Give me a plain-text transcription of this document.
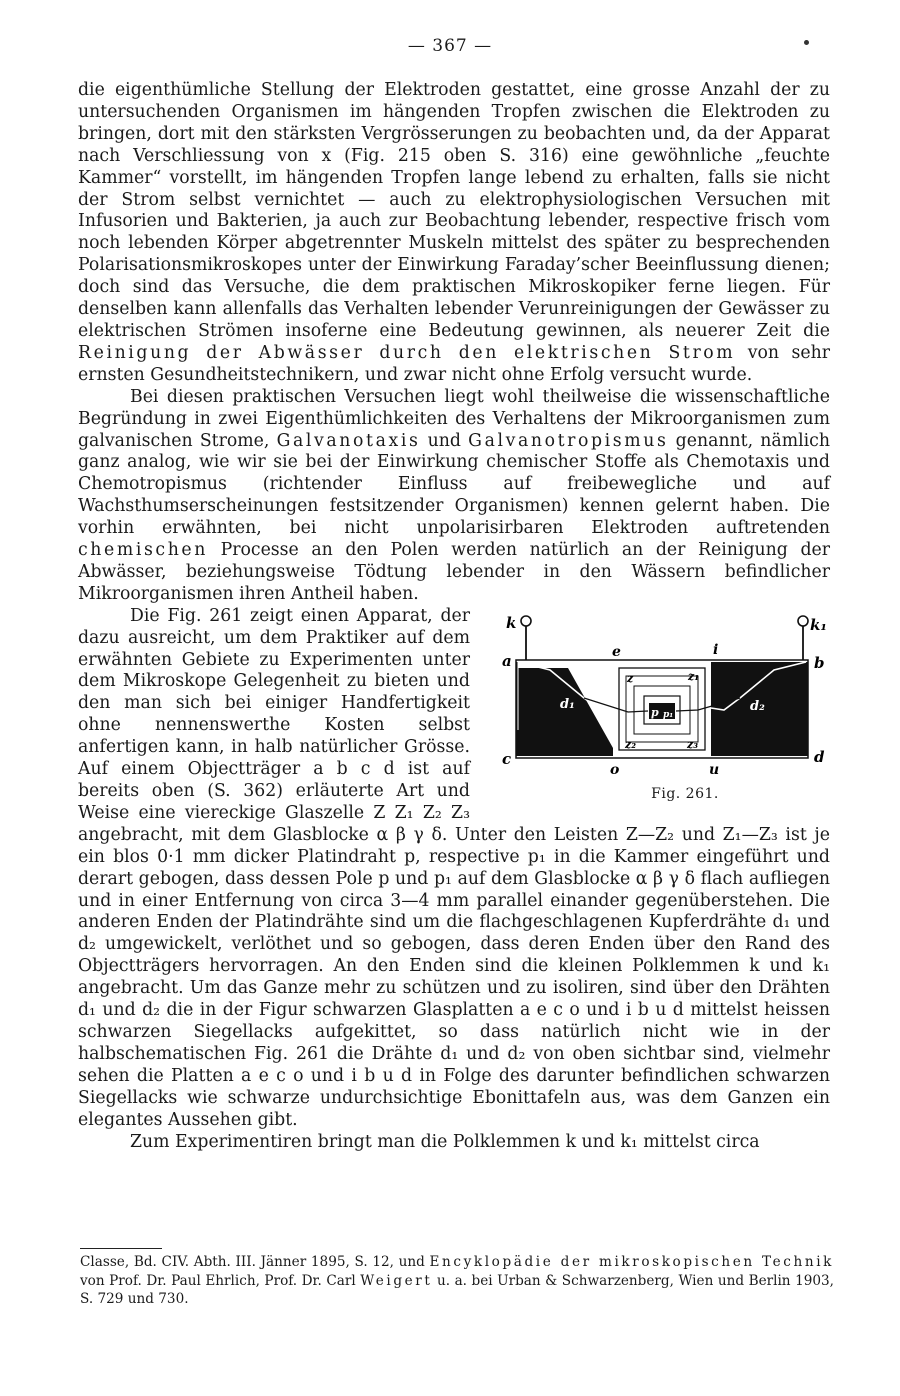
— 367 —

die eigenthümliche Stellung der Elektroden gestattet, eine grosse Anzahl der zu untersuchenden Organismen im hängenden Tropfen zwischen die Elektroden zu bringen, dort mit den stärksten Vergrösserungen zu beobachten und, da der Apparat nach Verschliessung von x (Fig. 215 oben S. 316) eine gewöhnliche „feuchte Kammer“ vorstellt, im hängenden Tropfen lange lebend zu erhalten, falls sie nicht der Strom selbst vernichtet — auch zu elektrophysiologischen Versuchen mit Infusorien und Bakterien, ja auch zur Beobachtung lebender, respective frisch vom noch lebenden Körper abgetrennter Muskeln mittelst des später zu besprechenden Polarisationsmikroskopes unter der Einwirkung Faraday’scher Beeinflussung dienen; doch sind das Versuche, die dem praktischen Mikroskopiker ferne liegen. Für denselben kann allenfalls das Verhalten lebender Verunreinigungen der Gewässer zu elektrischen Strömen insoferne eine Bedeutung gewinnen, als neuerer Zeit die Reinigung der Abwässer durch den elektrischen Strom von sehr ernsten Gesundheitstechnikern, und zwar nicht ohne Erfolg versucht wurde.

Bei diesen praktischen Versuchen liegt wohl theilweise die wissenschaftliche Begründung in zwei Eigenthümlichkeiten des Verhaltens der Mikroorganismen zum galvanischen Strome, Galvanotaxis und Galvanotropismus genannt, nämlich ganz analog, wie wir sie bei der Einwirkung chemischer Stoffe als Chemotaxis und Chemotropismus (richtender Einfluss auf freibewegliche und auf Wachsthumserscheinungen festsitzender Organismen) kennen gelernt haben. Die vorhin erwähnten, bei nicht unpolarisirbaren Elektroden auftretenden chemischen Processe an den Polen werden natürlich an der Reinigung der Abwässer, beziehungsweise Tödtung lebender in den Wässern befindlicher Mikroorganismen ihren Antheil haben.

k	k₁
a	b
c	d
e	i
o	u
d₁	d₂
z	z₁
z₂	z₃
p p₁
Fig. 261.
Die Fig. 261 zeigt einen Apparat, der dazu ausreicht, um dem Praktiker auf dem erwähnten Gebiete zu Experimenten unter dem Mikroskope Gelegenheit zu bieten und den man sich bei einiger Handfertigkeit ohne nennenswerthe Kosten selbst anfertigen kann, in halb natürlicher Grösse. Auf einem Objectträger a b c d ist auf bereits oben (S. 362) erläuterte Art und Weise eine viereckige Glaszelle Z Z₁ Z₂ Z₃ angebracht, mit dem Glasblocke α β γ δ. Unter den Leisten Z—Z₂ und Z₁—Z₃ ist je ein blos 0·1 mm dicker Platindraht p, respective p₁ in die Kammer eingeführt und derart gebogen, dass dessen Pole p und p₁ auf dem Glasblocke α β γ δ flach aufliegen und in einer Entfernung von circa 3—4 mm parallel einander gegenüberstehen. Die anderen Enden der Platindrähte sind um die flachgeschlagenen Kupferdrähte d₁ und d₂ umgewickelt, verlöthet und so gebogen, dass deren Enden über den Rand des Objectträgers hervorragen. An den Enden sind die kleinen Polklemmen k und k₁ angebracht. Um das Ganze mehr zu schützen und zu isoliren, sind über den Drähten d₁ und d₂ die in der Figur schwarzen Glasplatten a e c o und i b u d mittelst heissen schwarzen Siegellacks aufgekittet, so dass natürlich nicht wie in der halbschematischen Fig. 261 die Drähte d₁ und d₂ von oben sichtbar sind, vielmehr sehen die Platten a e c o und i b u d in Folge des darunter befindlichen schwarzen Siegellacks wie schwarze undurchsichtige Ebonittafeln aus, was dem Ganzen ein elegantes Aussehen gibt.

Zum Experimentiren bringt man die Polklemmen k und k₁ mittelst circa

Classe, Bd. CIV. Abth. III. Jänner 1895, S. 12, und Encyklopädie der mikroskopischen Technik von Prof. Dr. Paul Ehrlich, Prof. Dr. Carl Weigert u. a. bei Urban & Schwarzenberg, Wien und Berlin 1903, S. 729 und 730.
